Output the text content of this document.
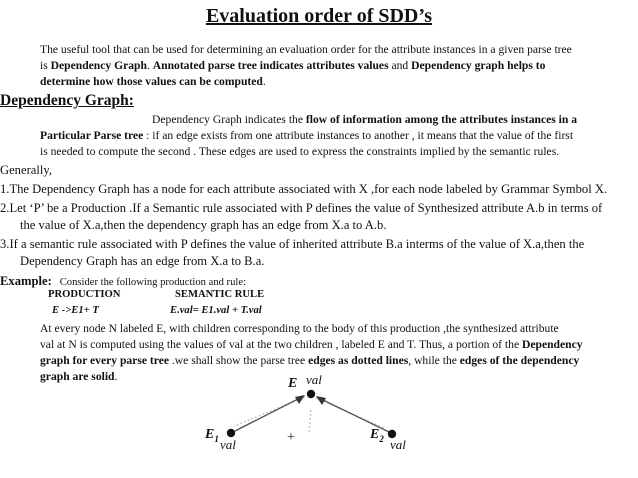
Evaluation order of SDD’s
The useful tool that can be used for determining an evaluation order for the attribute instances in a given parse tree
is Dependency Graph. Annotated parse tree indicates attributes values and Dependency graph helps to
determine how those values can be computed.
Dependency Graph:
Dependency Graph indicates the flow of information among the attributes instances in a
Particular Parse tree : if an edge exists from one attribute instances to another , it means that the value of the first
is needed to compute the second . These edges are used to express the constraints implied by the semantic rules.
Generally,
1.The Dependency Graph has a node for each attribute associated with X ,for each node labeled by Grammar Symbol X.
2.Let ‘P’ be a Production .If a Semantic rule associated with P defines the value of Synthesized attribute A.b in terms of
the value of X.a,then the dependency graph has an edge from X.a to A.b.
3.If a semantic rule associated with P defines the value of inherited attribute B.a interms of the value of X.a,then the
Dependency Graph has an edge from X.a to B.a.
Example: Consider the following production and rule:
PRODUCTION	SEMANTIC RULE
E ->E1+ T	E.val= E1.val + T.val
At every node N labeled E, with children corresponding to the body of this production ,the synthesized attribute
val at N is computed using the values of val at the two children , labeled E and T. Thus, a portion of the Dependency
graph for every parse tree .we shall show the parse tree edges as dotted lines, while the edges of the dependency
graph are solid.	E val
$E_1$ val	+	$E_2$ val
